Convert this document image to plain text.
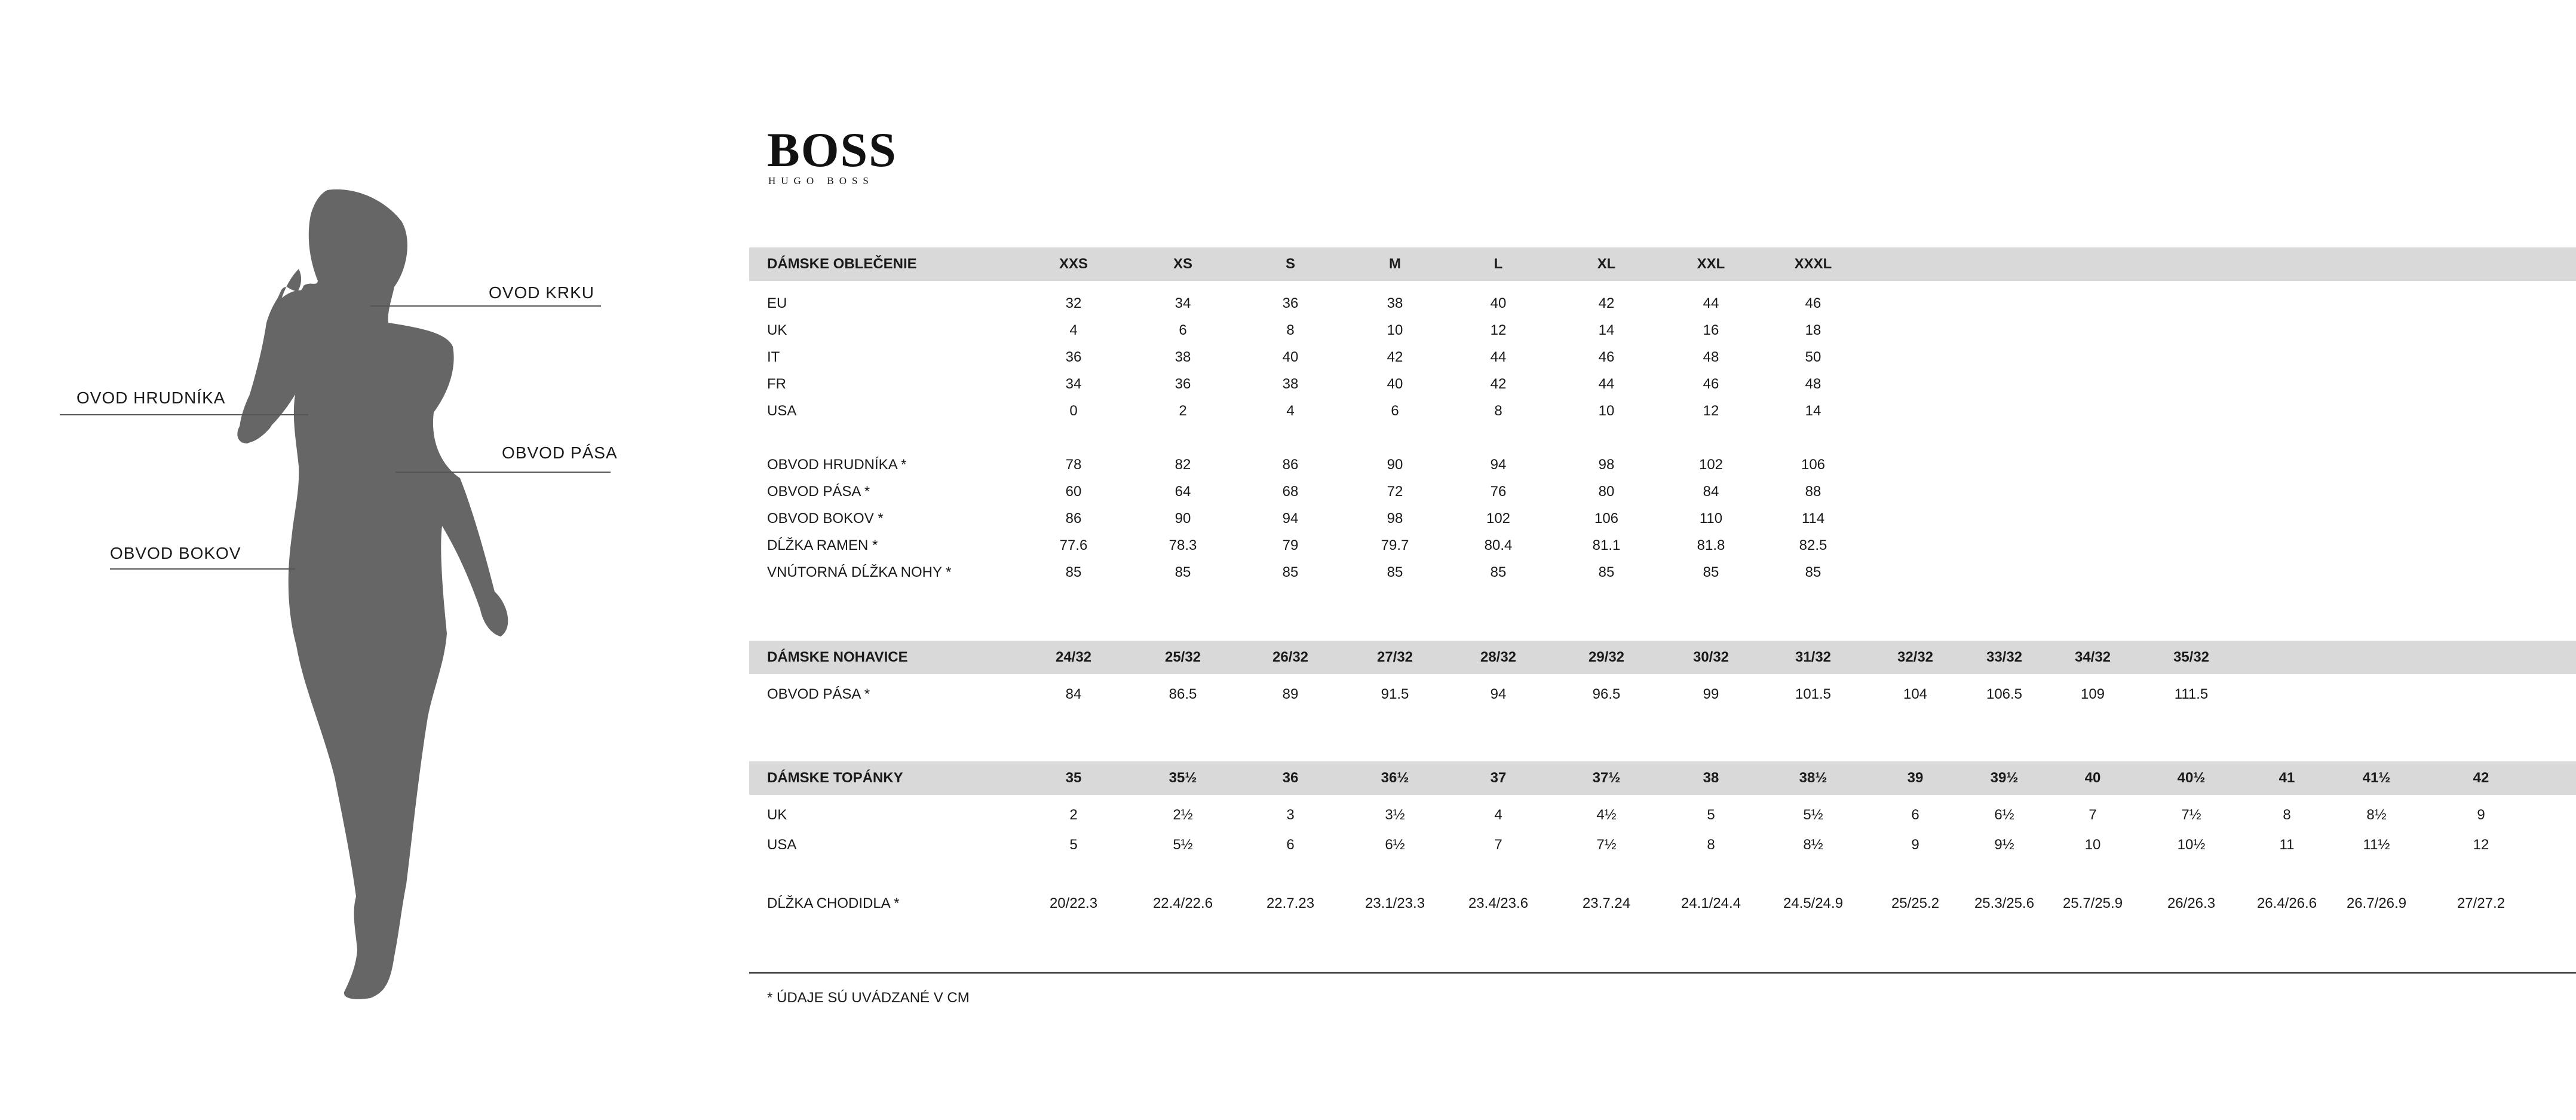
OVOD KRKU
OVOD HRUDNÍKA
OBVOD PÁSA
OBVOD BOKOV
BOSS
HUGO BOSS
DÁMSKE OBLEČENIE	XXS	XS	S	M	L	XL	XXL	XXXL
EU	32	34	36	38	40	42	44	46
UK	4	6	8	10	12	14	16	18
IT	36	38	40	42	44	46	48	50
FR	34	36	38	40	42	44	46	48
USA	0	2	4	6	8	10	12	14
OBVOD HRUDNÍKA *	78	82	86	90	94	98	102	106
OBVOD PÁSA *	60	64	68	72	76	80	84	88
OBVOD BOKOV *	86	90	94	98	102	106	110	114
DĹŽKA RAMEN *	77.6	78.3	79	79.7	80.4	81.1	81.8	82.5
VNÚTORNÁ DĹŽKA NOHY *	85	85	85	85	85	85	85	85
DÁMSKE NOHAVICE	24/32	25/32	26/32	27/32	28/32	29/32	30/32	31/32	32/32	33/32	34/32	35/32
OBVOD PÁSA *	84	86.5	89	91.5	94	96.5	99	101.5	104	106.5	109	111.5
DÁMSKE TOPÁNKY	35	35½	36	36½	37	37½	38	38½	39	39½	40	40½	41	41½	42
UK	2	2½	3	3½	4	4½	5	5½	6	6½	7	7½	8	8½	9
USA	5	5½	6	6½	7	7½	8	8½	9	9½	10	10½	11	11½	12
DĹŽKA CHODIDLA *	20/22.3	22.4/22.6	22.7.23	23.1/23.3	23.4/23.6	23.7.24	24.1/24.4	24.5/24.9	25/25.2 25.3/25.6 25.7/25.9	26/26.3	26.4/26.6 26.7/26.9	27/27.2
* ÚDAJE SÚ UVÁDZANÉ V CM
